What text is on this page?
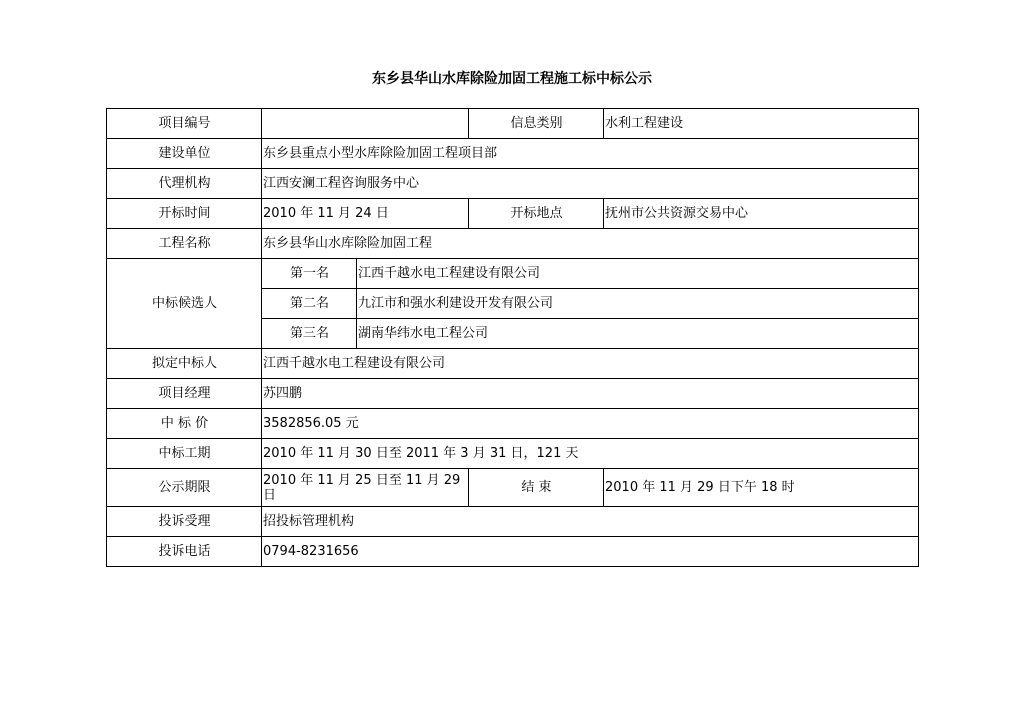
东乡县华山水库除险加固工程施工标中标公示
项目编号			信息类别	水利工程建设
建设单位	东乡县重点小型水库除险加固工程项目部			
代理机构	江西安澜工程咨询服务中心			
开标时间	2010 年 11 月 24 日		开标地点	抚州市公共资源交易中心
工程名称	东乡县华山水库除险加固工程			
中标候选人	第一名	江西千越水电工程建设有限公司		
	第二名	九江市和强水利建设开发有限公司		
	第三名	湖南华纬水电工程公司		
拟定中标人	江西千越水电工程建设有限公司			
项目经理	苏四鹏			
中 标 价	3582856.05 元			
中标工期	2010 年 11 月 30 日至 2011 年 3 月 31 日，121 天			
公示期限	2010 年 11 月 25 日至 11 月 29 日		结 束	2010 年 11 月 29 日下午 18 时
投诉受理	招投标管理机构			
投诉电话	0794-8231656			
